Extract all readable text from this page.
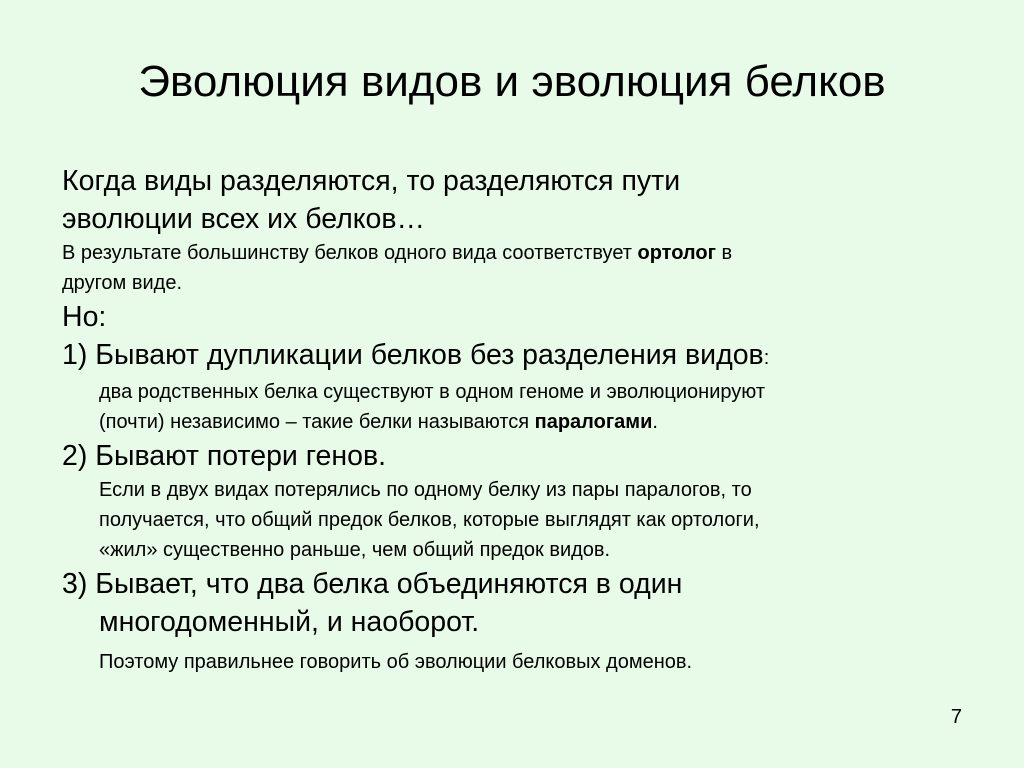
Эволюция видов и эволюция белков
Когда виды разделяются, то разделяются пути
эволюции всех их белков…
В результате большинству белков одного вида соответствует ортолог в
другом виде.
Но:
1) Бывают дупликации белков без разделения видов:
два родственных белка существуют в одном геноме и эволюционируют
(почти) независимо – такие белки называются паралогами.
2) Бывают потери генов.
Если в двух видах потерялись по одному белку из пары паралогов, то
получается, что общий предок белков, которые выглядят как ортологи,
«жил» существенно раньше, чем общий предок видов.
3) Бывает, что два белка объединяются в один
многодоменный, и наоборот.
Поэтому правильнее говорить об эволюции белковых доменов.
7
